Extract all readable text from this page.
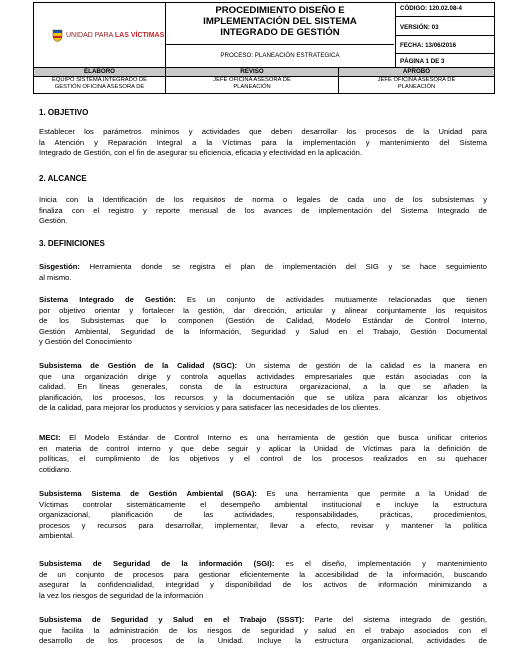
UNIDAD PARA LAS VÍCTIMAS
PROCEDIMIENTO DISEÑO E
IMPLEMENTACIÓN DEL SISTEMA
INTEGRADO DE GESTIÓN
PROCESO: PLANEACIÓN ESTRATEGICA
CÓDIGO: 120.02.08-4
VERSIÓN: 03
FECHA: 13/06/2016
PÁGINA 1 DE 3
ELABORÓ
EQUIPO SISTEMA INTEGRADO DE
GESTIÓN OFICINA ASESORA DE
REVISÓ
JEFE OFICINA ASESORA DE
PLANEACIÓN
APROBO
JEFE OFICINA ASESORA DE
PLANEACIÓN
1. OBJETIVO

Establecer los parámetros mínimos y actividades que deben desarrollar los procesos de la Unidad para
la Atención y Reparación Integral a la Víctimas para la implementación y mantenimiento del Sistema
Integrado de Gestión, con el fin de asegurar su eficiencia, eficacia y efectividad en la aplicación.

2. ALCANCE

Inicia con la Identificación de los requisitos de norma o legales de cada uno de los subsistemas y
finaliza con el registro y reporte mensual de los avances de implementación del Sistema Integrado de
Gestión.

3. DEFINICIONES

Sisgestión: Herramienta donde se registra el plan de implementación del SIG y se hace seguimiento
al mismo.

Sistema Integrado de Gestión: Es un conjunto de actividades mutuamente relacionadas que tienen
por objetivo orientar y fortalecer la gestión, dar dirección, articular y alinear conjuntamente los requisitos
de los Subsistemas que lo componen (Gestión de Calidad, Modelo Estándar de Control Interno,
Gestión Ambiental, Seguridad de la Información, Seguridad y Salud en el Trabajo, Gestión Documental
y Gestión del Conocimiento

Subsistema de Gestión de la Calidad (SGC): Un sistema de gestión de la calidad es la manera en
que una organización dirige y controla aquellas actividades empresariales que están asociadas con la
calidad. En líneas generales, consta de la estructura organizacional, a la que se añaden la
planificación, los procesos, los recursos y la documentación que se utiliza para alcanzar los objetivos
de la calidad, para mejorar los productos y servicios y para satisfacer las necesidades de los clientes.

MECI: El Modelo Estándar de Control Interno es una herramienta de gestión que busca unificar criterios
en materia de control interno y que debe seguir y aplicar la Unidad de Víctimas para la definición de
políticas, el cumplimiento de los objetivos y el control de los procesos realizados en su quehacer
cotidiano.

Subsistema Sistema de Gestión Ambiental (SGA): Es una herramienta que permite a la Unidad de
Víctimas controlar sistemáticamente el desempeño ambiental institucional e incluye la estructura
organizacional, planificación de las actividades, responsabilidades, prácticas, procedimientos,
procesos y recursos para desarrollar, implementar, llevar a efecto, revisar y mantener la política
ambiental.

Subsistema de Seguridad de la información (SGI): es el diseño, implementación y mantenimiento
de un conjunto de procesos para gestionar eficientemente la accesibilidad de la información, buscando
asegurar la confidencialidad, integridad y disponibilidad de los activos de información minimizando a
la vez los riesgos de seguridad de la información

Subsistema de Seguridad y Salud en el Trabajo (SSST): Parte del sistema integrado de gestión,
que facilita la administración de los riesgos de seguridad y salud en el trabajo asociados con el
desarrollo de los procesos de la Unidad. Incluye la estructura organizacional, actividades de
